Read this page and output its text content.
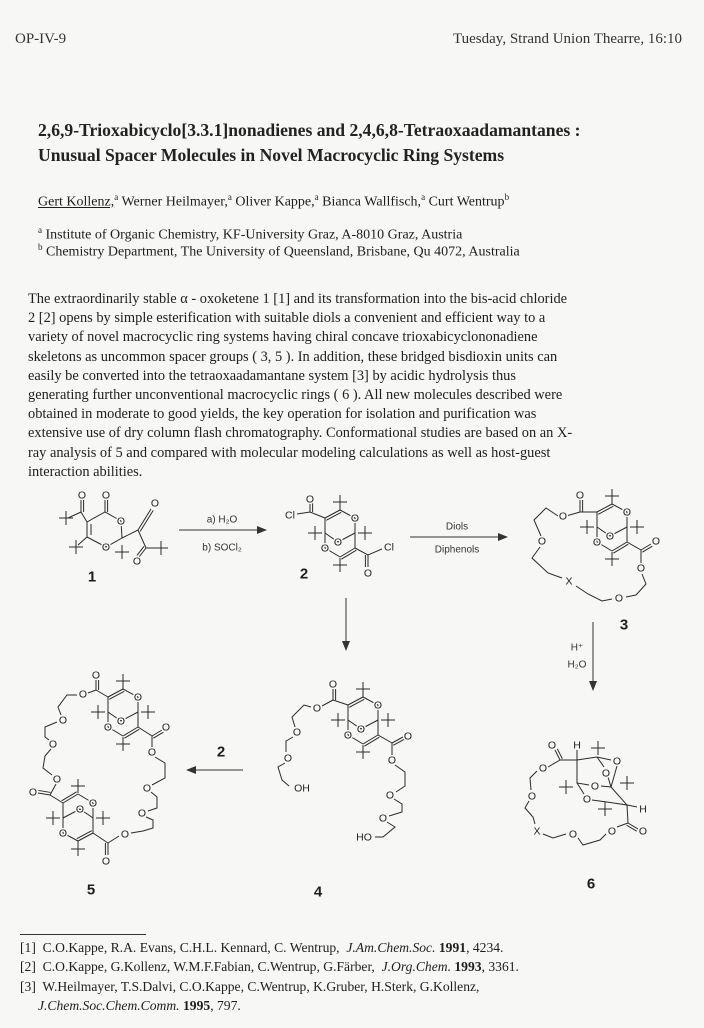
OP-IV-9	Tuesday, Strand Union Thearre, 16:10
2,6,9-Trioxabicyclo[3.3.1]nonadienes and 2,4,6,8-Tetraoxaadamantanes :
Unusual Spacer Molecules in Novel Macrocyclic Ring Systems
Gert Kollenz,$^a$ Werner Heilmayer,$^a$ Oliver Kappe,$^a$ Bianca Wallfisch,$^a$ Curt Wentrup$^b$
$^a$ Institute of Organic Chemistry, KF-University Graz, A-8010 Graz, Austria
$^b$ Chemistry Department, The University of Queensland, Brisbane, Qu 4072, Australia
The extraordinarily stable α - oxoketene 1 [1] and its transformation into the bis-acid chloride
2 [2] opens by simple esterification with suitable diols a convenient and efficient way to a
variety of novel macrocyclic ring systems having chiral concave trioxabicyclononadiene
skeletons as uncommon spacer groups ( 3, 5 ). In addition, these bridged bisdioxin units can
easily be converted into the tetraoxaadamantane system [3] by acidic hydrolysis thus
generating further unconventional macrocyclic rings ( 6 ). All new molecules described were
obtained in moderate to good yields, the key operation for isolation and purification was
extensive use of dry column flash chromatography. Conformational studies are based on an X-
ray analysis of 5 and compared with molecular modeling calculations as well as host-guest
interaction abilities.
O
O
O
O
O
O
O
O
O
O
Cl
O
Cl
O
O
O
O
O
O
X
O
O
O
O
O
O
O
O
O
O
OH
O
O
O
O
HO
O
O
O
O
O O
O
O
O
O
O
O
O
O
O
O
O
O
O
O
O
X	O	O O
O
O
H
O
O
H
a) H₂O
b) SOCl₂
Diols
Diphenols
H⁺
H₂O
2
1	2
3
4
5	6
[1] C.O.Kappe, R.A. Evans, C.H.L. Kennard, C. Wentrup, J.Am.Chem.Soc. 1991, 4234.
[2] C.O.Kappe, G.Kollenz, W.M.F.Fabian, C.Wentrup, G.Färber, J.Org.Chem. 1993, 3361.
[3] W.Heilmayer, T.S.Dalvi, C.O.Kappe, C.Wentrup, K.Gruber, H.Sterk, G.Kollenz,
J.Chem.Soc.Chem.Comm. 1995, 797.
